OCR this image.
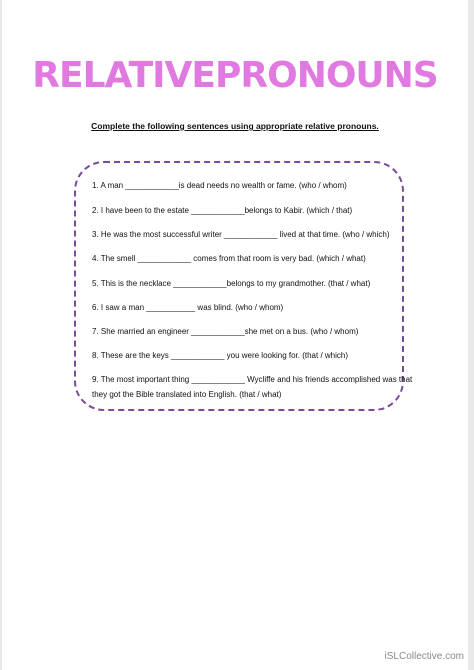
RELATIVEPRONOUNS
Complete the following sentences using appropriate relative pronouns.
1. A man ____________is dead needs no wealth or fame. (who / whom)
2. I have been to the estate ____________belongs to Kabir. (which / that)
3. He was the most successful writer ____________ lived at that time. (who / which)
4. The smell ____________ comes from that room is very bad. (which / what)
5. This is the necklace ____________belongs to my grandmother. (that / what)
6. I saw a man ___________ was blind. (who / whom)
7. She married an engineer ____________she met on a bus. (who / whom)
8. These are the keys ____________ you were looking for. (that / which)
9. The most important thing ____________ Wycliffe and his friends accomplished was that
they got the Bible translated into English. (that / what)
iSLCollective.com
